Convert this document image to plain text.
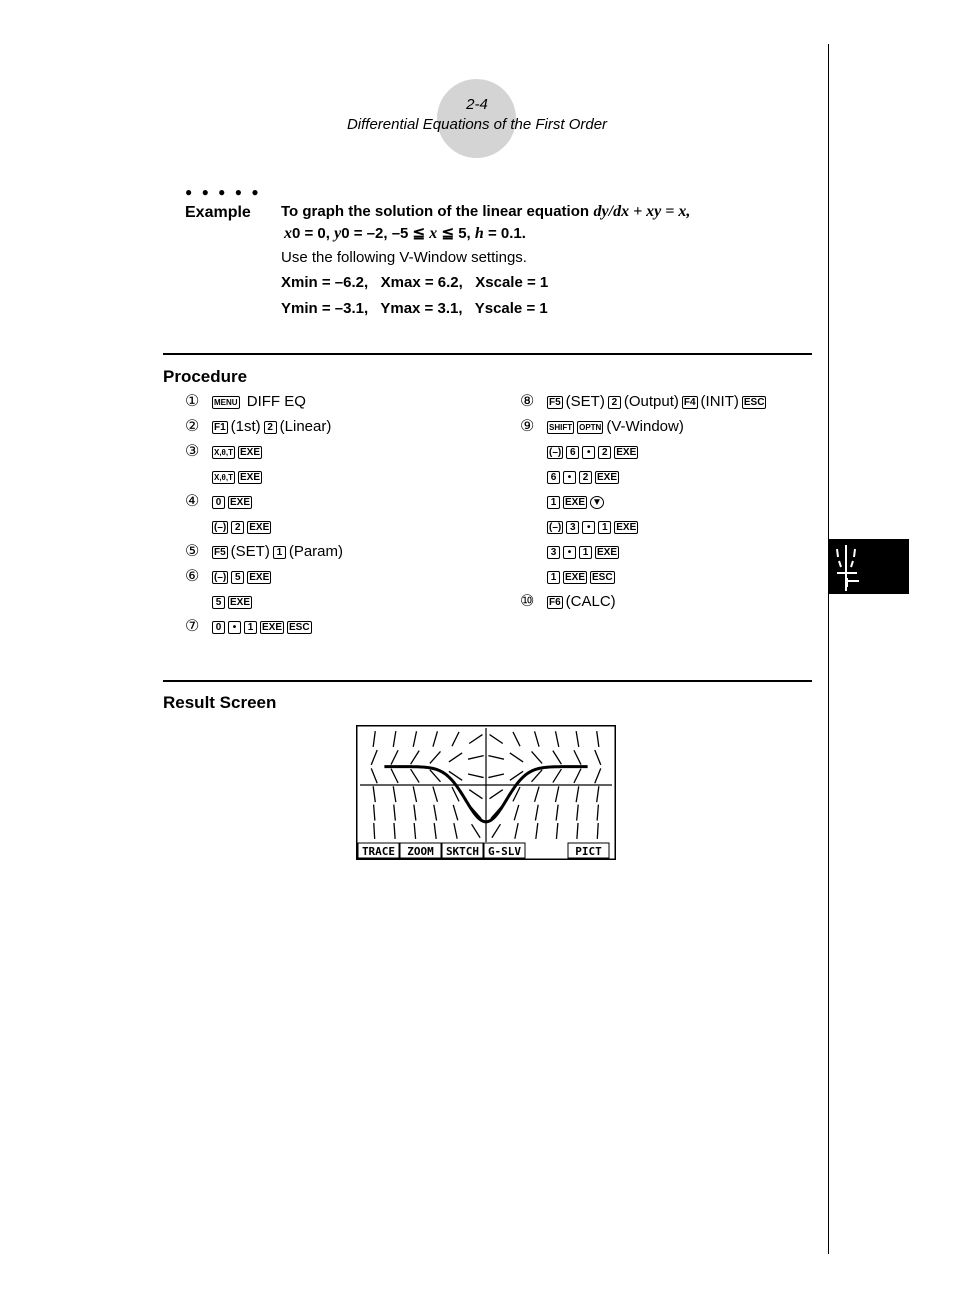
2-4
Differential Equations of the First Order
● ● ● ● ●
Example To graph the solution of the linear equation dy/dx + xy = x,
x0 = 0, y0 = –2, –5 ≦ x ≦ 5, h = 0.1.
Use the following V-Window settings.
Xmin = –6.2,   Xmax = 6.2,   Xscale = 1
Ymin = –3.1,   Ymax = 3.1,   Yscale = 1
Procedure
① MENU DIFF EQ
② F1 (1st) 2 (Linear)
③ X,θ,T EXE
X,θ,T EXE
④ 0 EXE
(–) 2 EXE
⑤ F5 (SET) 1 (Param)
⑥ (–) 5 EXE
5 EXE
⑦ 0 • 1 EXE ESC
⑧ F5 (SET) 2 (Output) F4 (INIT) ESC
⑨ SHIFT OPTN (V-Window)
(–) 6 • 2 EXE
6 • 2 EXE
1 EXE ▼
(–) 3 • 1 EXE
3 • 1 EXE
1 EXE ESC
⑩ F6 (CALC)
Result Screen
TRACE ZOOM SKTCH G-SLV	PICT
